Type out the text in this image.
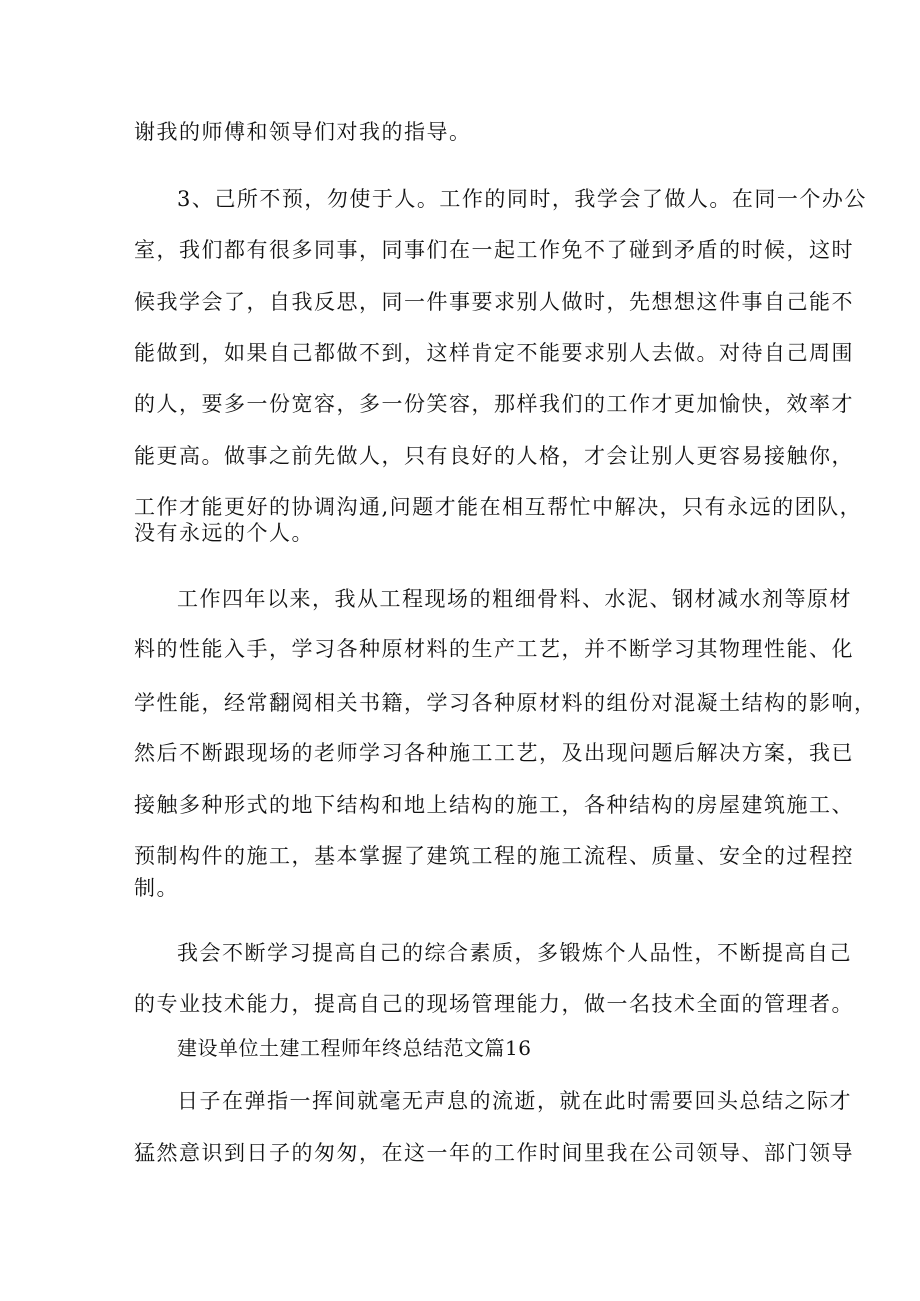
谢我的师傅和领导们对我的指导。

3、己所不预，勿使于人。工作的同时，我学会了做人。在同一个办公

室，我们都有很多同事，同事们在一起工作免不了碰到矛盾的时候，这时

候我学会了，自我反思，同一件事要求别人做时，先想想这件事自己能不

能做到，如果自己都做不到，这样肯定不能要求别人去做。对待自己周围

的人，要多一份宽容，多一份笑容，那样我们的工作才更加愉快，效率才

能更高。做事之前先做人，只有良好的人格，才会让别人更容易接触你，

工作才能更好的协调沟通,问题才能在相互帮忙中解决，只有永远的团队，

没有永远的个人。

工作四年以来，我从工程现场的粗细骨料、水泥、钢材减水剂等原材

料的性能入手，学习各种原材料的生产工艺，并不断学习其物理性能、化

学性能，经常翻阅相关书籍，学习各种原材料的组份对混凝土结构的影响，

然后不断跟现场的老师学习各种施工工艺，及出现问题后解决方案，我已

接触多种形式的地下结构和地上结构的施工，各种结构的房屋建筑施工、

预制构件的施工，基本掌握了建筑工程的施工流程、质量、安全的过程控

制。

我会不断学习提高自己的综合素质，多锻炼个人品性，不断提高自己

的专业技术能力，提高自己的现场管理能力，做一名技术全面的管理者。

建设单位土建工程师年终总结范文篇16

日子在弹指一挥间就毫无声息的流逝，就在此时需要回头总结之际才

猛然意识到日子的匆匆，在这一年的工作时间里我在公司领导、部门领导
